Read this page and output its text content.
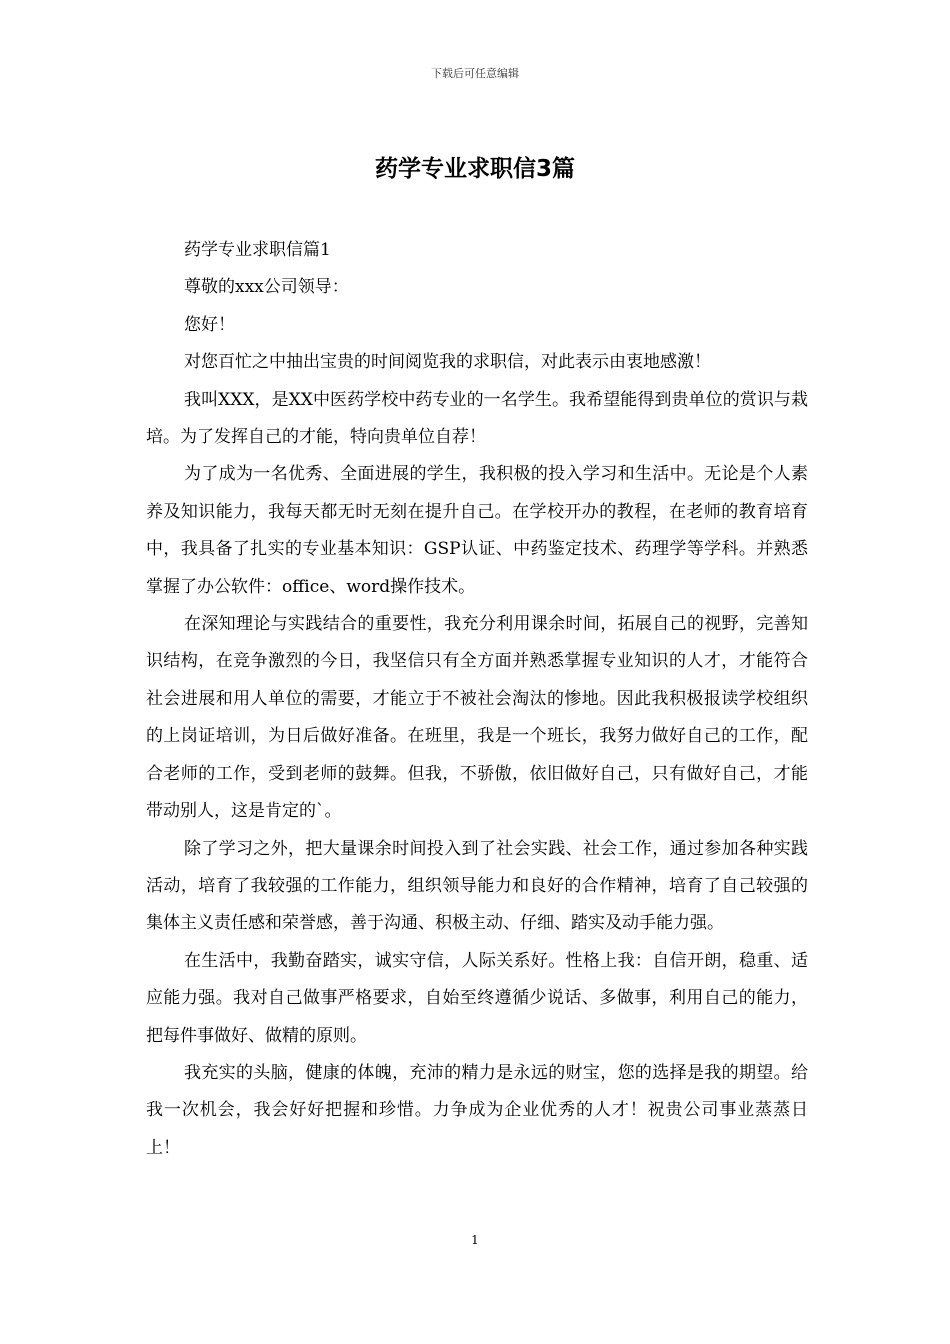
下载后可任意编辑
药学专业求职信3篇

药学专业求职信篇1

尊敬的xxx公司领导：

您好！

对您百忙之中抽出宝贵的时间阅览我的求职信，对此表示由衷地感激！

我叫XXX，是XX中医药学校中药专业的一名学生。我希望能得到贵单位的赏识与栽培。为了发挥自己的才能，特向贵单位自荐！

为了成为一名优秀、全面进展的学生，我积极的投入学习和生活中。无论是个人素养及知识能力，我每天都无时无刻在提升自己。在学校开办的教程，在老师的教育培育中，我具备了扎实的专业基本知识：GSP认证、中药鉴定技术、药理学等学科。并熟悉掌握了办公软件：office、word操作技术。

在深知理论与实践结合的重要性，我充分利用课余时间，拓展自己的视野，完善知识结构，在竞争激烈的今日，我坚信只有全方面并熟悉掌握专业知识的人才，才能符合社会进展和用人单位的需要，才能立于不被社会淘汰的惨地。因此我积极报读学校组织的上岗证培训，为日后做好准备。在班里，我是一个班长，我努力做好自己的工作，配合老师的工作，受到老师的鼓舞。但我，不骄傲，依旧做好自己，只有做好自己，才能带动别人，这是肯定的`。

除了学习之外，把大量课余时间投入到了社会实践、社会工作，通过参加各种实践活动，培育了我较强的工作能力，组织领导能力和良好的合作精神，培育了自己较强的集体主义责任感和荣誉感，善于沟通、积极主动、仔细、踏实及动手能力强。

在生活中，我勤奋踏实，诚实守信，人际关系好。性格上我：自信开朗，稳重、适应能力强。我对自己做事严格要求，自始至终遵循少说话、多做事，利用自己的能力，把每件事做好、做精的原则。

我充实的头脑，健康的体魄，充沛的精力是永远的财宝，您的选择是我的期望。给我一次机会，我会好好把握和珍惜。力争成为企业优秀的人才！祝贵公司事业蒸蒸日上！

1
